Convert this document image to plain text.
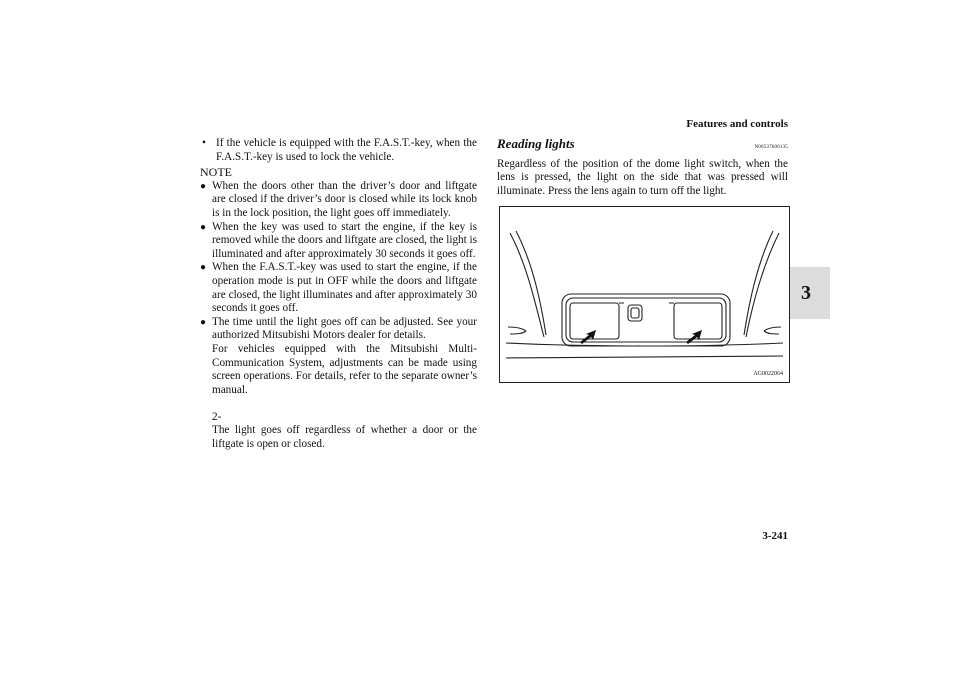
Features and controls
3
3-241
• If the vehicle is equipped with the F.A.S.T.-key, when the F.A.S.T.-key is used to lock the vehicle.

NOTE

● When the doors other than the driver’s door and liftgate are closed if the driver’s door is closed while its lock knob is in the lock position, the light goes off immediately.

● When the key was used to start the engine, if the key is removed while the doors and liftgate are closed, the light is illuminated and after approximately 30 seconds it goes off.

● When the F.A.S.T.-key was used to start the engine, if the operation mode is put in OFF while the doors and liftgate are closed, the light illuminates and after approximately 30 seconds it goes off.

● The time until the light goes off can be adjusted. See your authorized Mitsubishi Motors dealer for details.

For vehicles equipped with the Mitsubishi Multi-Communication System, adjustments can be made using screen operations. For details, refer to the separate owner’s manual.

2-

The light goes off regardless of whether a door or the liftgate is open or closed.

Reading lights	N00537600135

Regardless of the position of the dome light switch, when the lens is pressed, the light on the side that was pressed will illuminate. Press the lens again to turn off the light.

AG0022064
